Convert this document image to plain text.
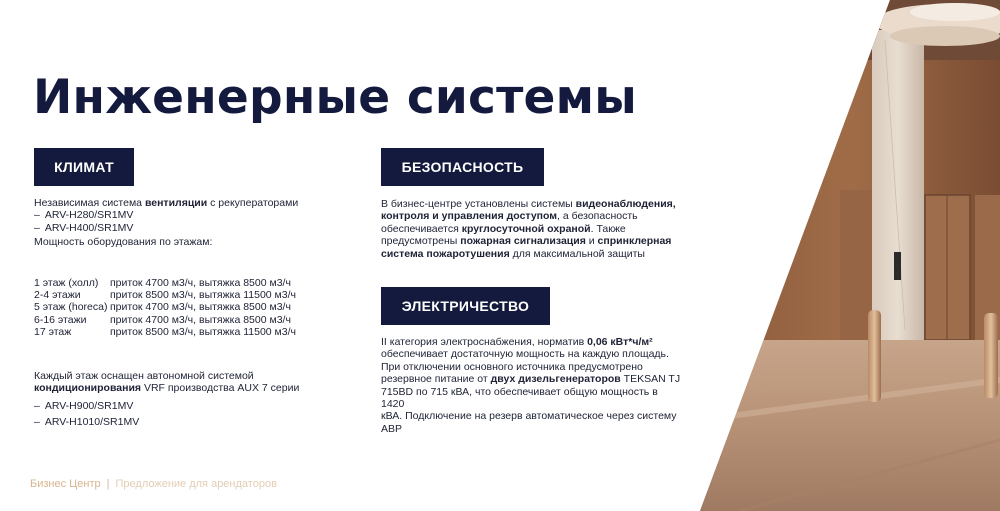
Инженерные системы
КЛИМАТ

Независимая система вентиляции с рекуператорами

– ARV-H280/SR1MV
– ARV-H400/SR1MV

Мощность оборудования по этажам:

1 этаж (холл)	приток 4700 м3/ч, вытяжка 8500 м3/ч
2-4 этажи	приток 8500 м3/ч, вытяжка 11500 м3/ч
5 этаж (horeca) приток 4700 м3/ч, вытяжка 8500 м3/ч
6-16 этажи	приток 4700 м3/ч, вытяжка 8500 м3/ч
17 этаж	приток 8500 м3/ч, вытяжка 11500 м3/ч

Каждый этаж оснащен автономной системой

кондиционирования VRF производства AUX 7 серии

– ARV-H900/SR1MV
– ARV-H1010/SR1MV
БЕЗОПАСНОСТЬ

В бизнес-центре установлены системы видеонаблюдения,

контроля и управления доступом, а безопасность

обеспечивается круглосуточной охраной. Также

предусмотрены пожарная сигнализация и спринклерная

система пожаротушения для максимальной защиты

ЭЛЕКТРИЧЕСТВО

II категория электроснабжения, норматив 0,06 кВт*ч/м²

обеспечивает достаточную мощность на каждую площадь.

При отключении основного источника предусмотрено

резервное питание от двух дизельгенераторов TEKSAN TJ

715BD по 715 кВА, что обеспечивает общую мощность в 1420

кВА. Подключение на резерв автоматическое через систему

АВР

Бизнес Центр | Предложение для арендаторов
